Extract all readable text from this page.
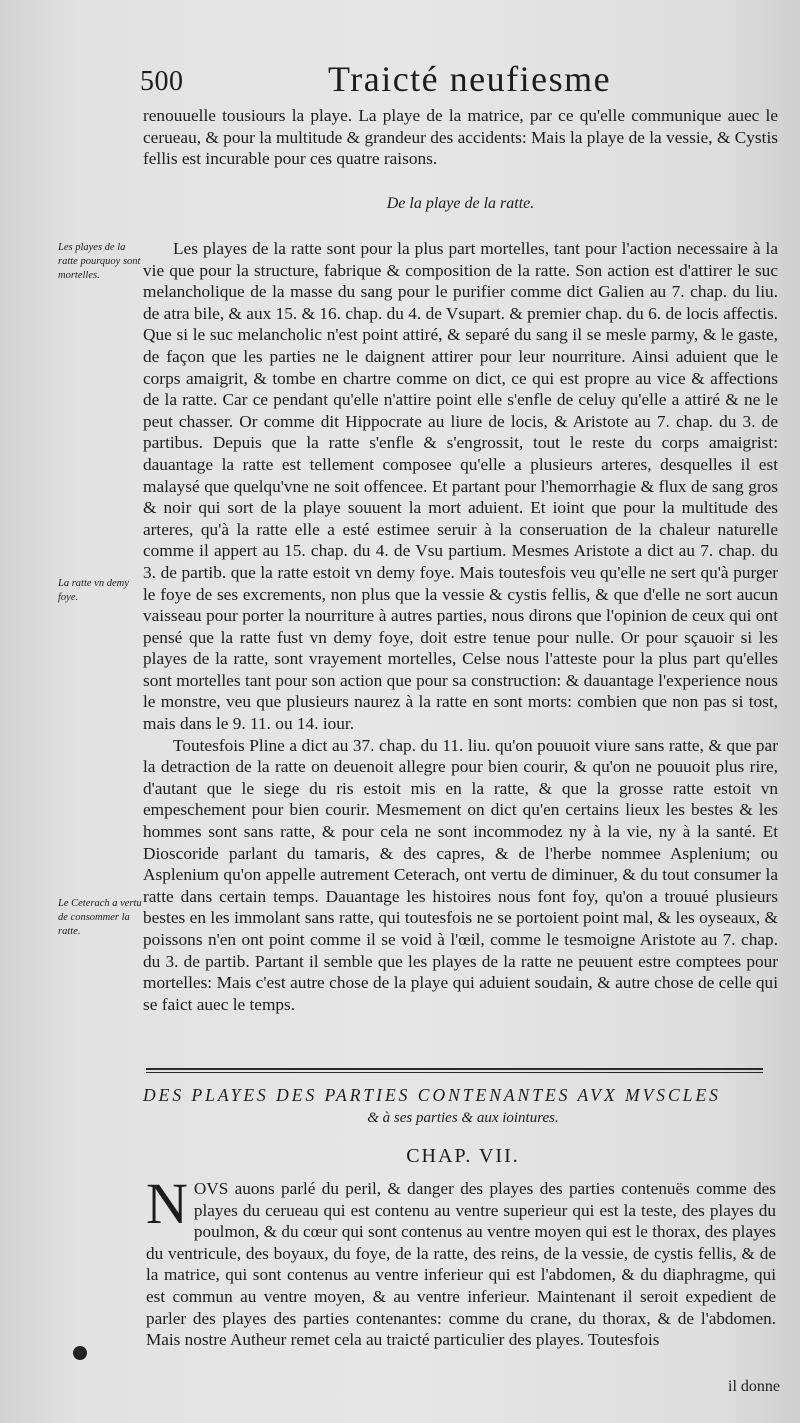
500	Traicté neufiesme

renouuelle tousiours la playe. La playe de la matrice, par ce qu'elle communique auec le cerueau, & pour la multitude & grandeur des accidents: Mais la playe de la vessie, & Cystis fellis est incurable pour ces quatre raisons.

De la playe de la ratte.
Les playes de la ratte pourquoy sont mortelles.
La ratte vn demy foye.
Le Ceterach a vertu de consommer la ratte.

Les playes de la ratte sont pour la plus part mortelles, tant pour l'action necessaire à la vie que pour la structure, fabrique & composition de la ratte. Son action est d'attirer le suc melancholique de la masse du sang pour le purifier comme dict Galien au 7. chap. du liu. de atra bile, & aux 15. & 16. chap. du 4. de Vsupart. & premier chap. du 6. de locis affectis. Que si le suc melancholic n'est point attiré, & separé du sang il se mesle parmy, & le gaste, de façon que les parties ne le daignent attirer pour leur nourriture. Ainsi aduient que le corps amaigrit, & tombe en chartre comme on dict, ce qui est propre au vice & affections de la ratte. Car ce pendant qu'elle n'attire point elle s'enfle de celuy qu'elle a attiré & ne le peut chasser. Or comme dit Hippocrate au liure de locis, & Aristote au 7. chap. du 3. de partibus. Depuis que la ratte s'enfle & s'engrossit, tout le reste du corps amaigrist: dauantage la ratte est tellement composee qu'elle a plusieurs arteres, desquelles il est malaysé que quelqu'vne ne soit offencee. Et partant pour l'hemorrhagie & flux de sang gros & noir qui sort de la playe souuent la mort aduient. Et ioint que pour la multitude des arteres, qu'à la ratte elle a esté estimee seruir à la conseruation de la chaleur naturelle comme il appert au 15. chap. du 4. de Vsu partium. Mesmes Aristote a dict au 7. chap. du 3. de partib. que la ratte estoit vn demy foye. Mais toutesfois veu qu'elle ne sert qu'à purger le foye de ses excrements, non plus que la vessie & cystis fellis, & que d'elle ne sort aucun vaisseau pour porter la nourriture à autres parties, nous dirons que l'opinion de ceux qui ont pensé que la ratte fust vn demy foye, doit estre tenue pour nulle. Or pour sçauoir si les playes de la ratte, sont vrayement mortelles, Celse nous l'atteste pour la plus part qu'elles sont mortelles tant pour son action que pour sa construction: & dauantage l'experience nous le monstre, veu que plusieurs naurez à la ratte en sont morts: combien que non pas si tost, mais dans le 9. 11. ou 14. iour.

Toutesfois Pline a dict au 37. chap. du 11. liu. qu'on pouuoit viure sans ratte, & que par la detraction de la ratte on deuenoit allegre pour bien courir, & qu'on ne pouuoit plus rire, d'autant que le siege du ris estoit mis en la ratte, & que la grosse ratte estoit vn empeschement pour bien courir. Mesmement on dict qu'en certains lieux les bestes & les hommes sont sans ratte, & pour cela ne sont incommodez ny à la vie, ny à la santé. Et Dioscoride parlant du tamaris, & des capres, & de l'herbe nommee Asplenium; ou Asplenium qu'on appelle autrement Ceterach, ont vertu de diminuer, & du tout consumer la ratte dans certain temps. Dauantage les histoires nous font foy, qu'on a trouué plusieurs bestes en les immolant sans ratte, qui toutesfois ne se portoient point mal, & les oyseaux, & poissons n'en ont point comme il se void à l'œil, comme le tesmoigne Aristote au 7. chap. du 3. de partib. Partant il semble que les playes de la ratte ne peuuent estre comptees pour mortelles: Mais c'est autre chose de la playe qui aduient soudain, & autre chose de celle qui se faict auec le temps.

DES PLAYES DES PARTIES CONTENANTES AVX MVSCLES
& à ses parties & aux iointures.
CHAP. VII.
N OVS auons parlé du peril, & danger des playes des parties contenuës comme des playes du cerueau qui est contenu au ventre superieur qui est la teste, des playes du poulmon, & du cœur qui sont contenus au ventre moyen qui est le thorax, des playes du ventricule, des boyaux, du foye, de la ratte, des reins, de la vessie, de cystis fellis, & de la matrice, qui sont contenus au ventre inferieur qui est l'abdomen, & du diaphragme, qui est commun au ventre moyen, & au ventre inferieur. Maintenant il seroit expedient de parler des playes des parties contenantes: comme du crane, du thorax, & de l'abdomen. Mais nostre Autheur remet cela au traicté particulier des playes. Toutesfois
il donne
